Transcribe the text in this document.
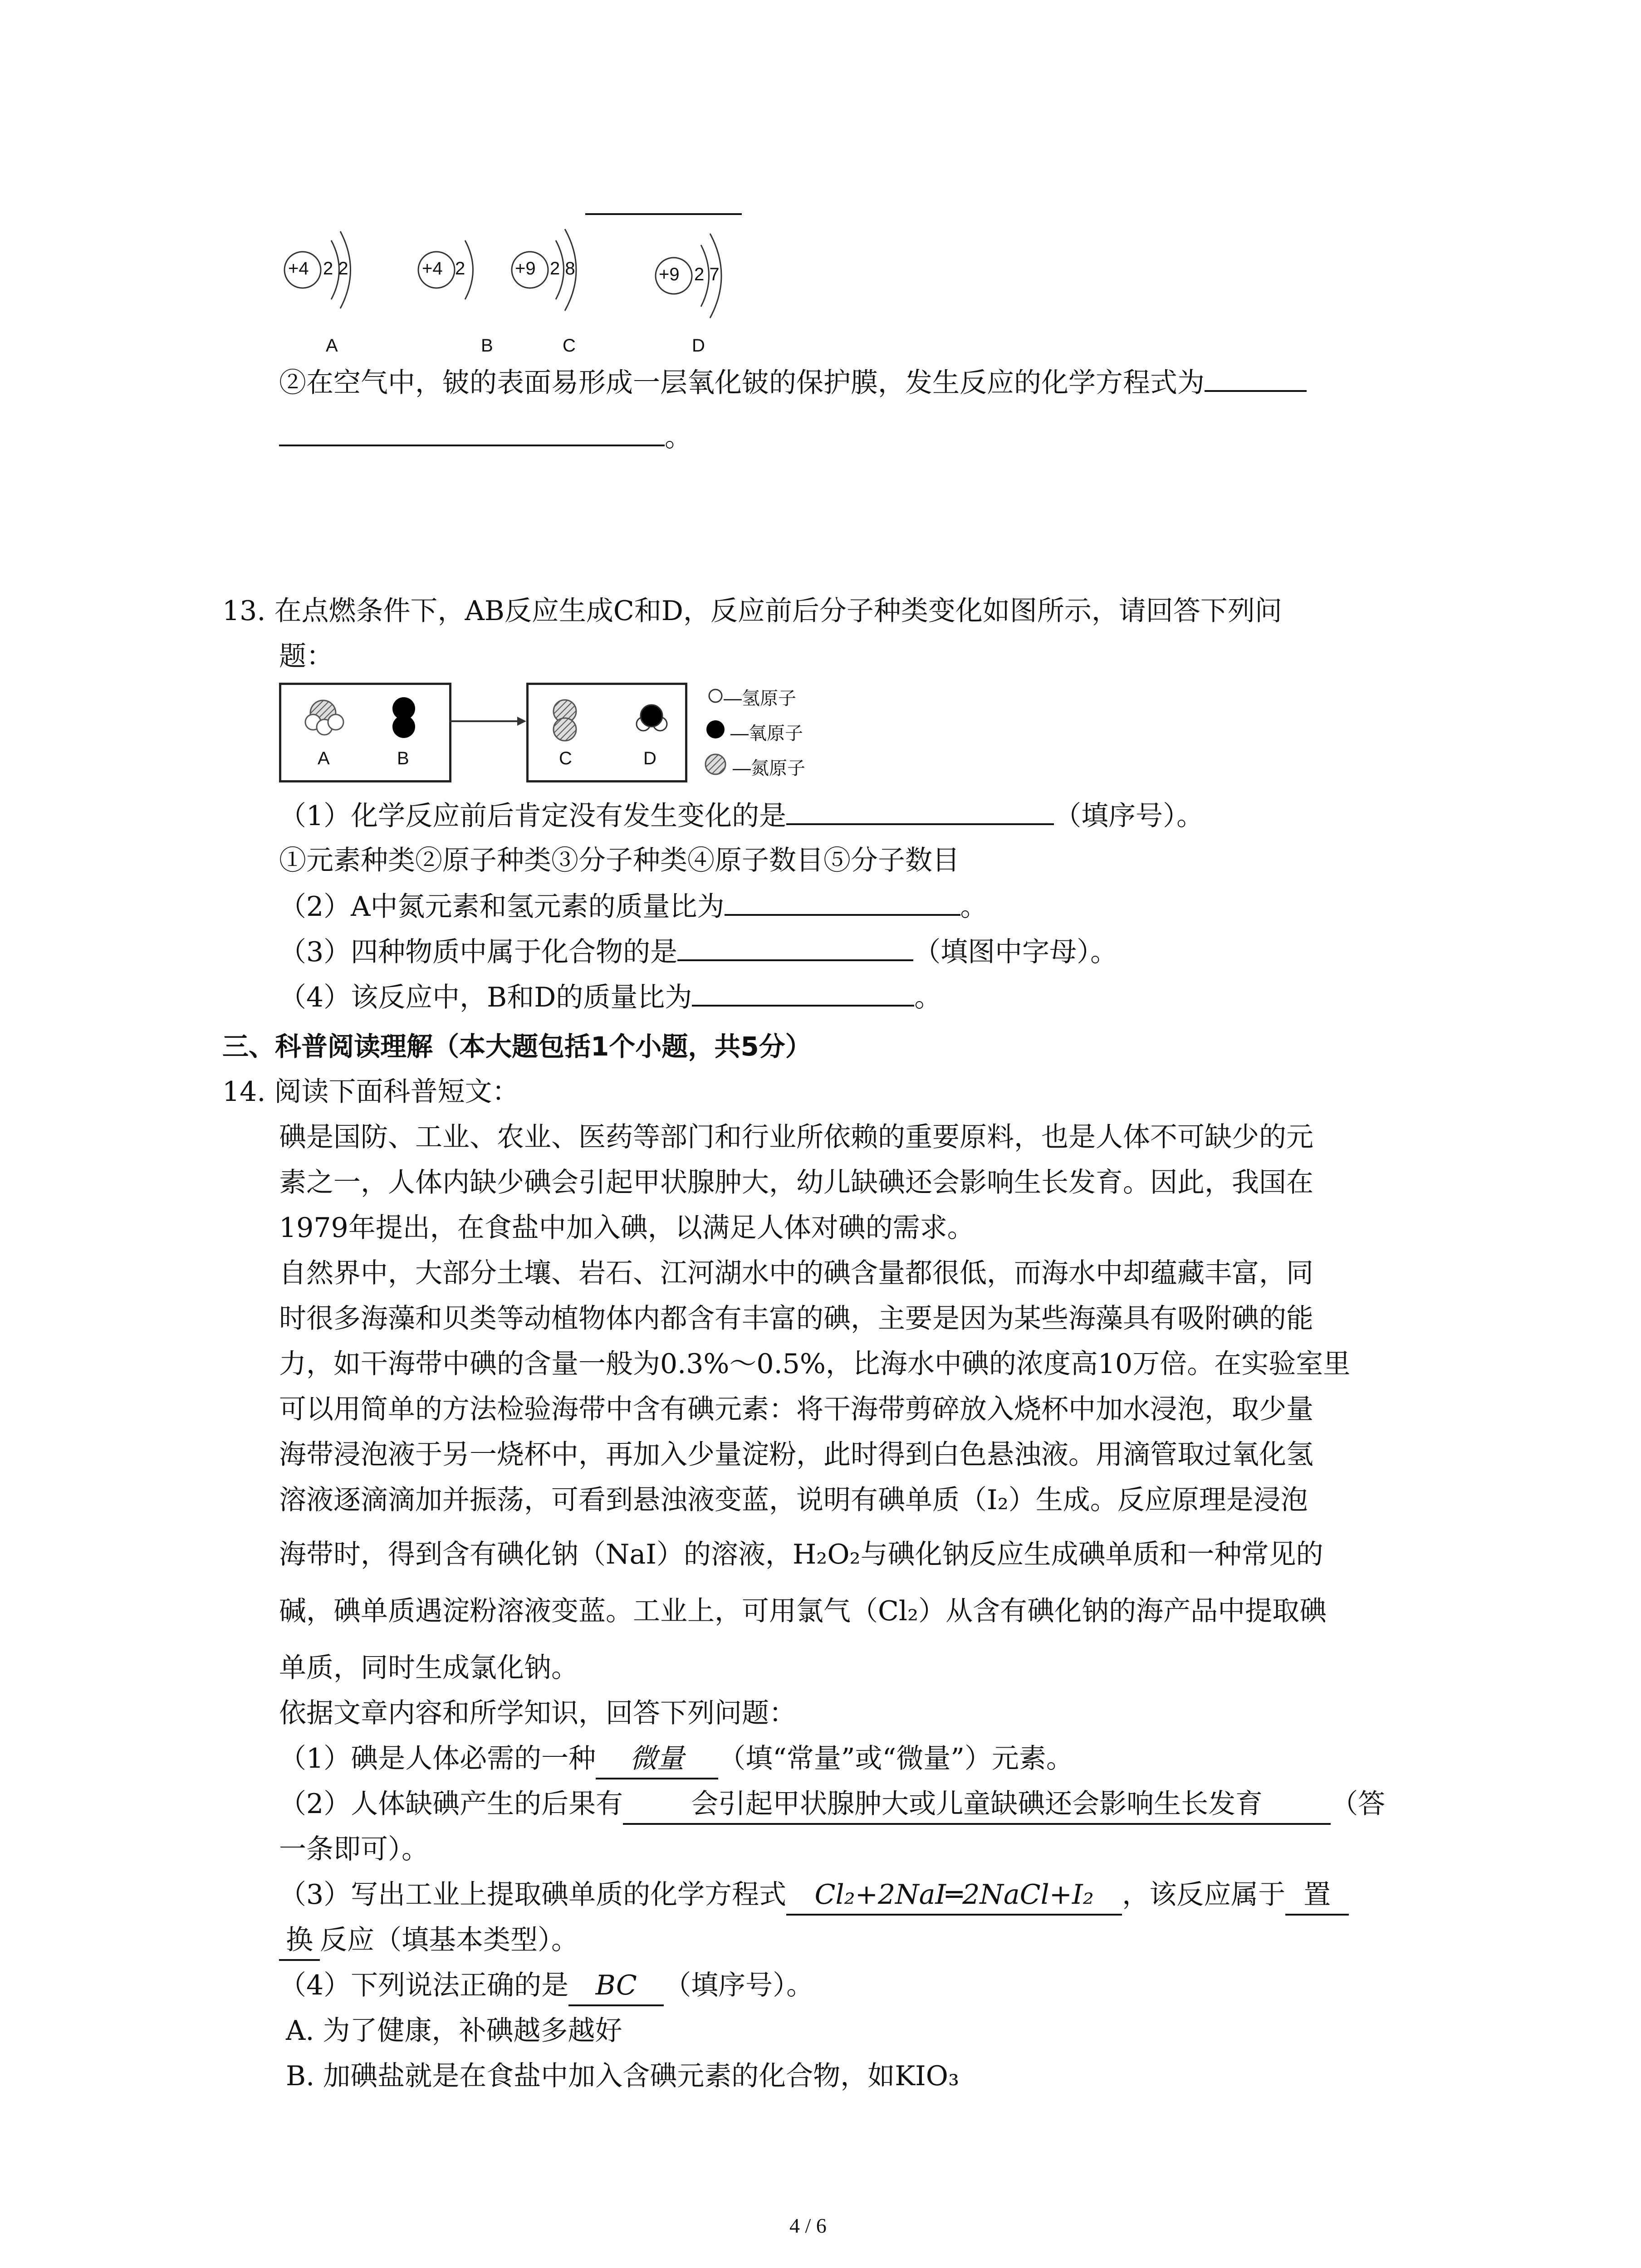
+4 2 2	+4 2	+9 2 8	+9 2 7
A	B	C	D
②在空气中，铍的表面易形成一层氧化铍的保护膜，发生反应的化学方程式为
。
13. 在点燃条件下，AB反应生成C和D，反应前后分子种类变化如图所示，请回答下列问
题：
A	B	C	D
—氢原子
—氧原子
—氮原子
（1）化学反应前后肯定没有发生变化的是	（填序号）。
①元素种类②原子种类③分子种类④原子数目⑤分子数目
（2）A中氮元素和氢元素的质量比为	。
（3）四种物质中属于化合物的是	（填图中字母）。
（4）该反应中，B和D的质量比为	。
三、科普阅读理解（本大题包括1个小题，共5分）
14. 阅读下面科普短文：
碘是国防、工业、农业、医药等部门和行业所依赖的重要原料，也是人体不可缺少的元
素之一，人体内缺少碘会引起甲状腺肿大，幼儿缺碘还会影响生长发育。因此，我国在
1979年提出，在食盐中加入碘，以满足人体对碘的需求。
自然界中，大部分土壤、岩石、江河湖水中的碘含量都很低，而海水中却蕴藏丰富，同
时很多海藻和贝类等动植物体内都含有丰富的碘，主要是因为某些海藻具有吸附碘的能
力，如干海带中碘的含量一般为0.3%～0.5%，比海水中碘的浓度高10万倍。在实验室里
可以用简单的方法检验海带中含有碘元素：将干海带剪碎放入烧杯中加水浸泡，取少量
海带浸泡液于另一烧杯中，再加入少量淀粉，此时得到白色悬浊液。用滴管取过氧化氢
溶液逐滴滴加并振荡，可看到悬浊液变蓝，说明有碘单质（I₂）生成。反应原理是浸泡
海带时，得到含有碘化钠（NaI）的溶液，H₂O₂与碘化钠反应生成碘单质和一种常见的
碱，碘单质遇淀粉溶液变蓝。工业上，可用氯气（Cl₂）从含有碘化钠的海产品中提取碘
单质，同时生成氯化钠。
依据文章内容和所学知识，回答下列问题：
（1）碘是人体必需的一种 微量 （填“常量”或“微量”）元素。
（2）人体缺碘产生的后果有	会引起甲状腺肿大或儿童缺碘还会影响生长发育	（答
一条即可）。
（3）写出工业上提取碘单质的化学方程式 Cl₂+2NaI═2NaCl+I₂ ，该反应属于 置
换 反应（填基本类型）。
（4）下列说法正确的是 BC （填序号）。
A. 为了健康，补碘越多越好
B. 加碘盐就是在食盐中加入含碘元素的化合物，如KIO₃
4 / 6
